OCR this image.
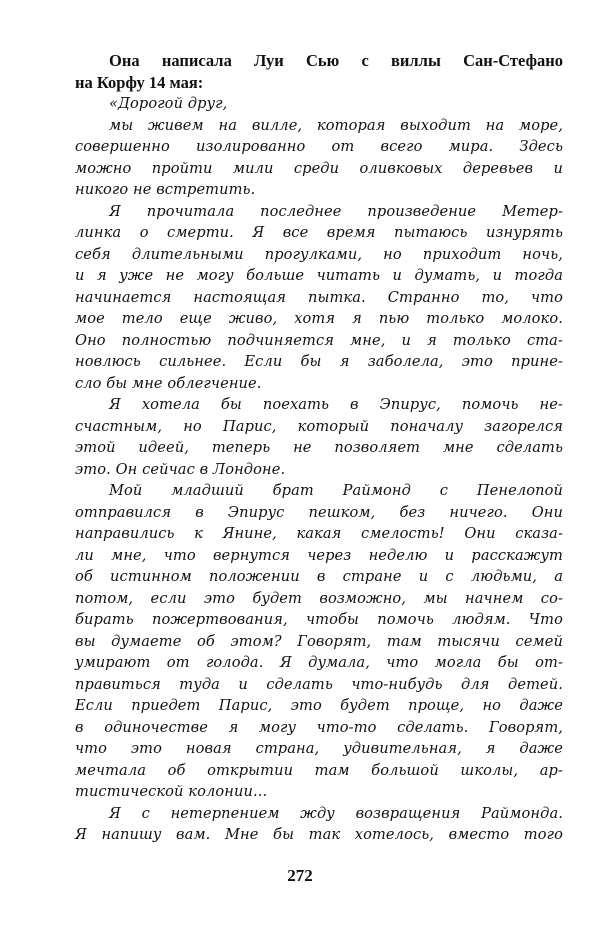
Она написала Луи Сью с виллы Сан-Стефано
на Корфу 14 мая:
«Дорогой друг,
мы живем на вилле, которая выходит на море,
совершенно изолированно от всего мира. Здесь
можно пройти мили среди оливковых деревьев и
никого не встретить.
Я прочитала последнее произведение Метер-
линка о смерти. Я все время пытаюсь изнурять
себя длительными прогулками, но приходит ночь,
и я уже не могу больше читать и думать, и тогда
начинается настоящая пытка. Странно то, что
мое тело еще живо, хотя я пью только молоко.
Оно полностью подчиняется мне, и я только ста-
новлюсь сильнее. Если бы я заболела, это прине-
сло бы мне облегчение.
Я хотела бы поехать в Эпирус, помочь не-
счастным, но Парис, который поначалу загорелся
этой идеей, теперь не позволяет мне сделать
это. Он сейчас в Лондоне.
Мой младший брат Раймонд с Пенелопой
отправился в Эпирус пешком, без ничего. Они
направились к Янине, какая смелость! Они сказа-
ли мне, что вернутся через неделю и расскажут
об истинном положении в стране и с людьми, а
потом, если это будет возможно, мы начнем со-
бирать пожертвования, чтобы помочь людям. Что
вы думаете об этом? Говорят, там тысячи семей
умирают от голода. Я думала, что могла бы от-
правиться туда и сделать что-нибудь для детей.
Если приедет Парис, это будет проще, но даже
в одиночестве я могу что-то сделать. Говорят,
что это новая страна, удивительная, я даже
мечтала об открытии там большой школы, ар-
тистической колонии...
Я с нетерпением жду возвращения Раймонда.
Я напишу вам. Мне бы так хотелось, вместо того
272
